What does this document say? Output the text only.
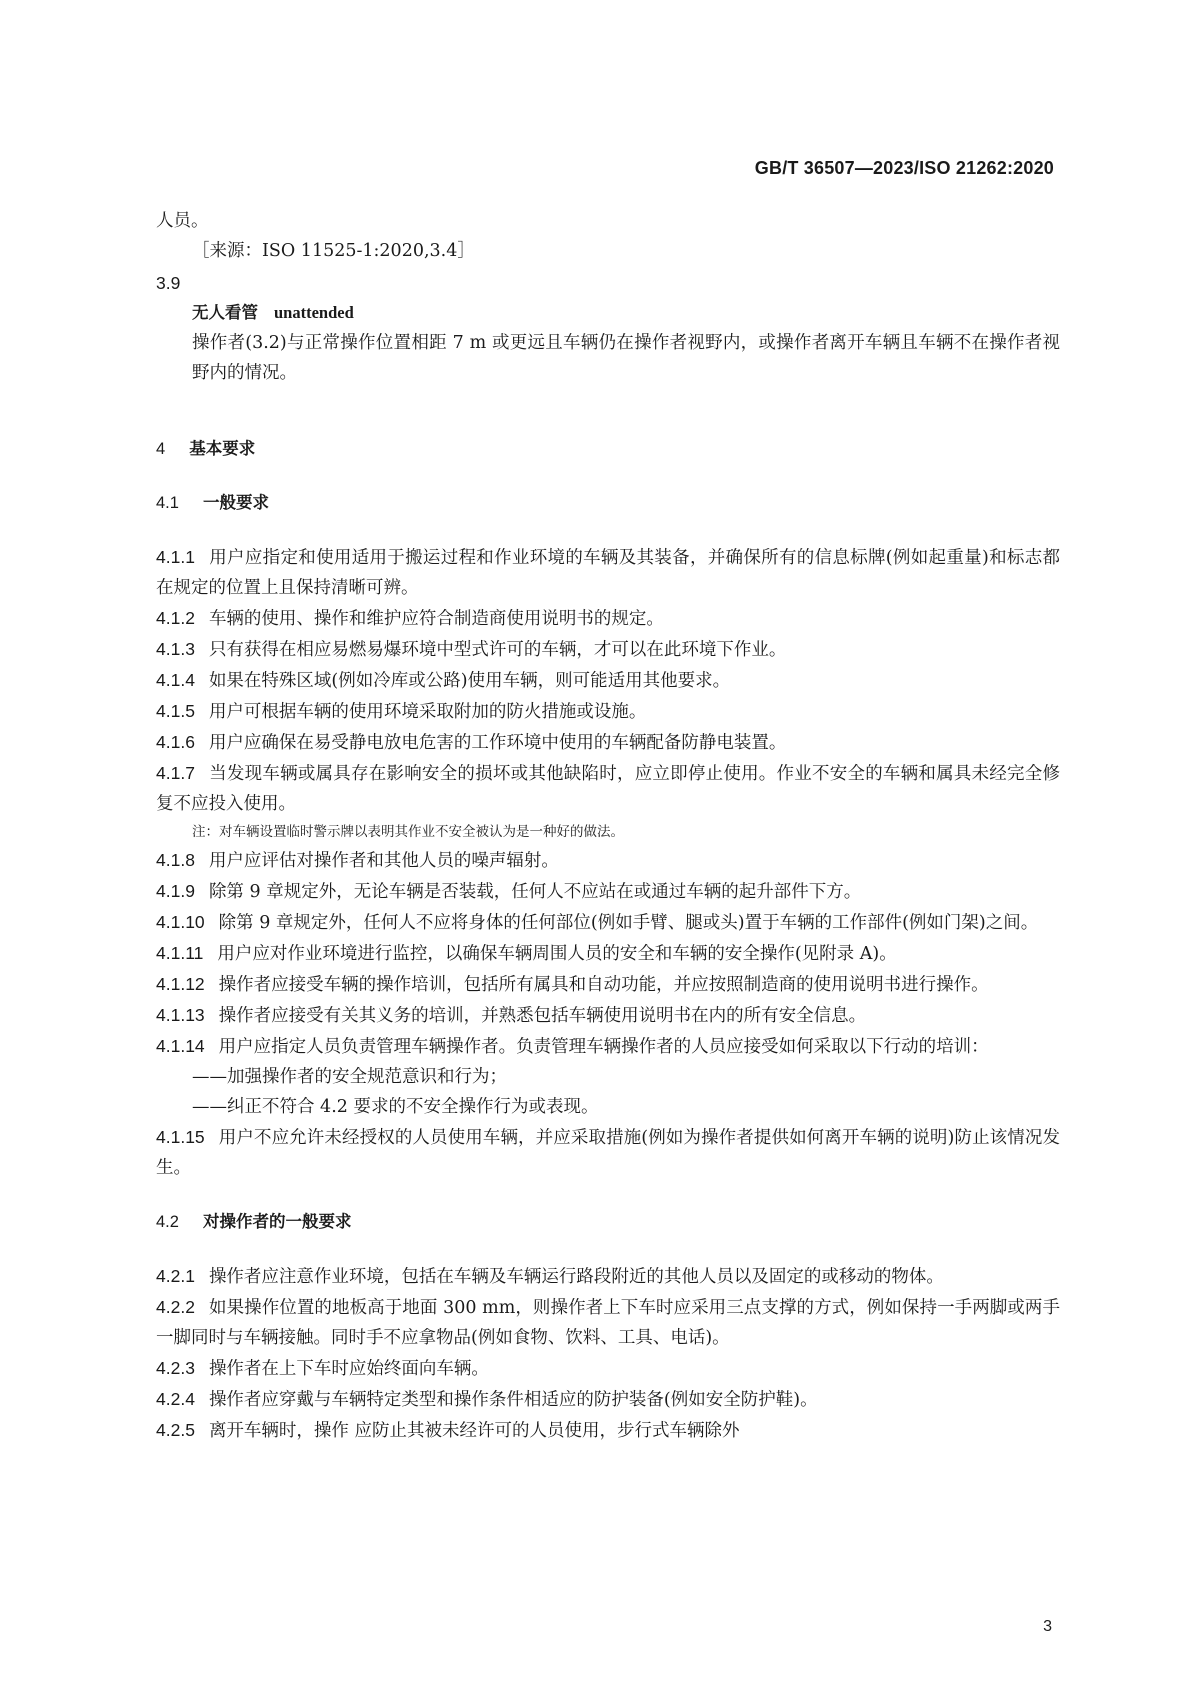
GB/T 36507—2023/ISO 21262:2020

人员。

［来源：ISO 11525-1:2020,3.4］

3.9

无人看管 unattended

操作者(3.2)与正常操作位置相距 7 m 或更远且车辆仍在操作者视野内，或操作者离开车辆且车辆不在操作者视野内的情况。

4 基本要求

4.1 一般要求

4.1.1 用户应指定和使用适用于搬运过程和作业环境的车辆及其装备，并确保所有的信息标牌(例如起重量)和标志都在规定的位置上且保持清晰可辨。

4.1.2 车辆的使用、操作和维护应符合制造商使用说明书的规定。

4.1.3 只有获得在相应易燃易爆环境中型式许可的车辆，才可以在此环境下作业。

4.1.4 如果在特殊区域(例如冷库或公路)使用车辆，则可能适用其他要求。

4.1.5 用户可根据车辆的使用环境采取附加的防火措施或设施。

4.1.6 用户应确保在易受静电放电危害的工作环境中使用的车辆配备防静电装置。

4.1.7 当发现车辆或属具存在影响安全的损坏或其他缺陷时，应立即停止使用。作业不安全的车辆和属具未经完全修复不应投入使用。

注：对车辆设置临时警示牌以表明其作业不安全被认为是一种好的做法。

4.1.8 用户应评估对操作者和其他人员的噪声辐射。

4.1.9 除第 9 章规定外，无论车辆是否装载，任何人不应站在或通过车辆的起升部件下方。

4.1.10 除第 9 章规定外，任何人不应将身体的任何部位(例如手臂、腿或头)置于车辆的工作部件(例如门架)之间。

4.1.11 用户应对作业环境进行监控，以确保车辆周围人员的安全和车辆的安全操作(见附录 A)。

4.1.12 操作者应接受车辆的操作培训，包括所有属具和自动功能，并应按照制造商的使用说明书进行操作。

4.1.13 操作者应接受有关其义务的培训，并熟悉包括车辆使用说明书在内的所有安全信息。

4.1.14 用户应指定人员负责管理车辆操作者。负责管理车辆操作者的人员应接受如何采取以下行动的培训：

——加强操作者的安全规范意识和行为；

——纠正不符合 4.2 要求的不安全操作行为或表现。

4.1.15 用户不应允许未经授权的人员使用车辆，并应采取措施(例如为操作者提供如何离开车辆的说明)防止该情况发生。

4.2 对操作者的一般要求

4.2.1 操作者应注意作业环境，包括在车辆及车辆运行路段附近的其他人员以及固定的或移动的物体。

4.2.2 如果操作位置的地板高于地面 300 mm，则操作者上下车时应采用三点支撑的方式，例如保持一手两脚或两手一脚同时与车辆接触。同时手不应拿物品(例如食物、饮料、工具、电话)。

4.2.3 操作者在上下车时应始终面向车辆。

4.2.4 操作者应穿戴与车辆特定类型和操作条件相适应的防护装备(例如安全防护鞋)。

4.2.5 离开车辆时，操作 应防止其被未经许可的人员使用，步行式车辆除外

3
